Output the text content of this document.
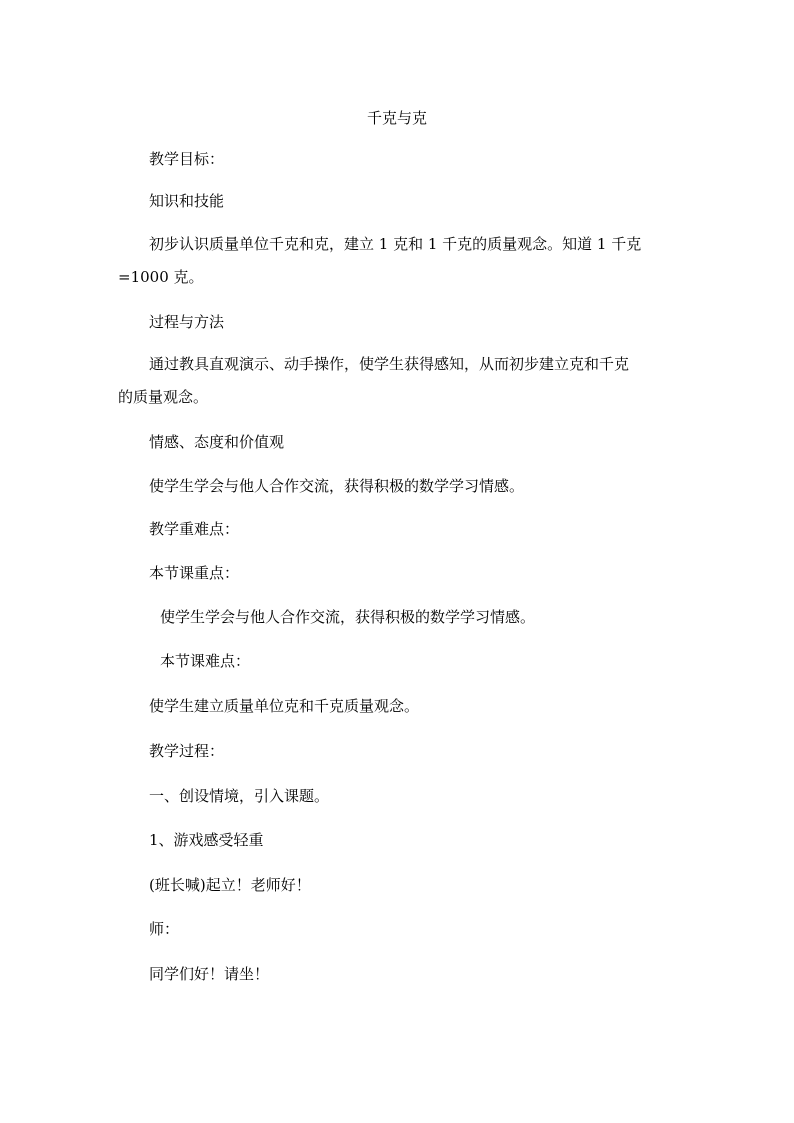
千克与克
教学目标：
知识和技能
初步认识质量单位千克和克，建立 1 克和 1 千克的质量观念。知道 1 千克
=1000 克。
过程与方法
通过教具直观演示、动手操作，使学生获得感知，从而初步建立克和千克
的质量观念。
情感、态度和价值观
使学生学会与他人合作交流，获得积极的数学学习情感。
教学重难点：
本节课重点：
使学生学会与他人合作交流，获得积极的数学学习情感。
本节课难点：
使学生建立质量单位克和千克质量观念。
教学过程：
一、创设情境，引入课题。
1、游戏感受轻重
(班长喊)起立！老师好！
师：
同学们好！请坐！
